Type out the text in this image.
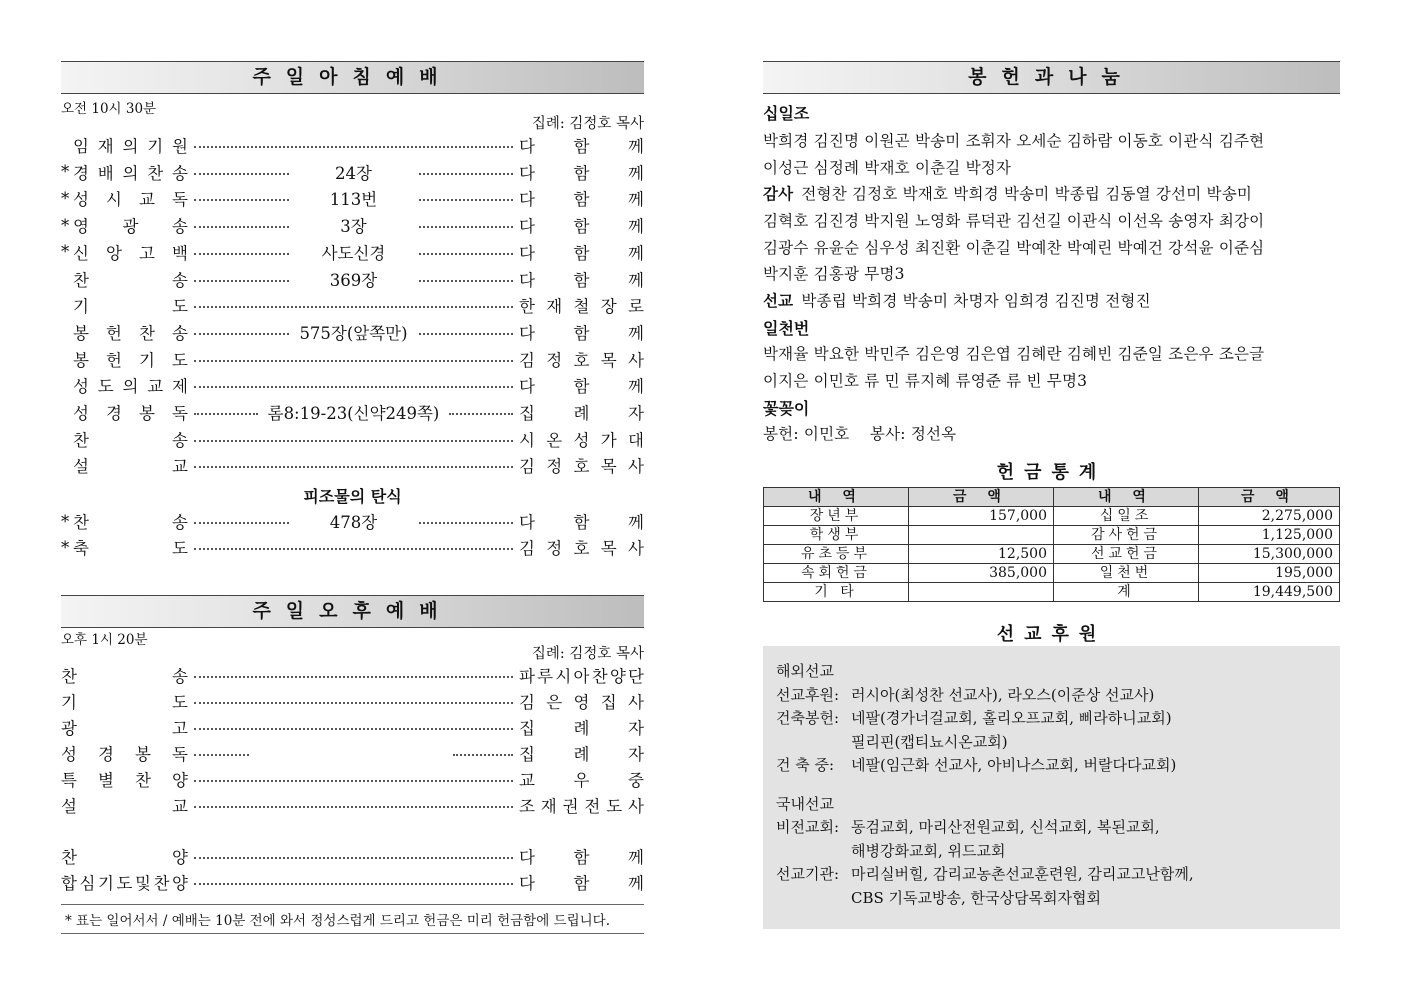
주일아침예배
오전 10시 30분
집례: 김정호 목사
임 재 의 기 원	다 함 께
* 경 배 의 찬 송	24장	다 함 께
* 성 시 교 독	113번	다 함 께
* 영 광 송	3장	다 함 께
* 신 앙 고 백	사도신경	다 함 께
찬	송	369장	다 함 께
기	도	한 재 철 장 로
봉 헌 찬 송	575장(앞쪽만)	다 함 께
봉 헌 기 도	김 정 호 목 사
성 도 의 교 제	다 함 께
성 경 봉 독	롬8:19-23(신약249쪽)	집 례 자
찬	송	시 온 성 가 대
설	교	김 정 호 목 사
피조물의 탄식
* 찬	송	478장	다 함 께
* 축	도	김 정 호 목 사
주일오후예배
오후 1시 20분
집례: 김정호 목사
찬	송	파 루 시 아 찬 양 단
기	도	김 은 영 집 사
광	고	집 례 자
성 경 봉 독	집 례 자
특 별 찬 양	교 우 중
설	교	조 재 권 전 도 사
찬	양	다 함 께
합 심 기 도 및 찬 양	다 함 께
* 표는 일어서서 / 예배는 10분 전에 와서 정성스럽게 드리고 헌금은 미리 헌금함에 드립니다.
봉헌과나눔
십일조
박희경 김진명 이원곤 박송미 조휘자 오세순 김하람 이동호 이관식 김주현
이성근 심정례 박재호 이춘길 박정자
감사 전형찬 김정호 박재호 박희경 박송미 박종립 김동열 강선미 박송미
김혁호 김진경 박지원 노영화 류덕관 김선길 이관식 이선옥 송영자 최강이
김광수 유윤순 심우성 최진환 이춘길 박예찬 박예린 박예건 강석윤 이준심
박지훈 김홍광 무명3
선교 박종립 박희경 박송미 차명자 임희경 김진명 전형진
일천번
박재율 박요한 박민주 김은영 김은엽 김혜란 김혜빈 김준일 조은우 조은글
이지은 이민호 류 민 류지혜 류영준 류 빈 무명3
꽃꽂이
봉헌: 이민호    봉사: 정선옥
헌금통계
내 역	금 액	내 역	금 액
장년부	157,000	십일조	2,275,000
학생부		감사헌금	1,125,000
유초등부	12,500	선교헌금	15,300,000
속회헌금	385,000	일천번	195,000
기 타		계	19,449,500
선교후원
해외선교
선교후원: 러시아(최성찬 선교사), 라오스(이준상 선교사)
건축봉헌: 네팔(경가너걸교회, 홀리오프교회, 삐라하니교회)
필리핀(캡티뇨시온교회)
건 축 중: 네팔(임근화 선교사, 아비나스교회, 버랄다다교회)
국내선교
비전교회: 동검교회, 마리산전원교회, 신석교회, 복된교회,
해병강화교회, 위드교회
선교기관: 마리실버힐, 감리교농촌선교훈련원, 감리교고난함께,
CBS 기독교방송, 한국상담목회자협회
